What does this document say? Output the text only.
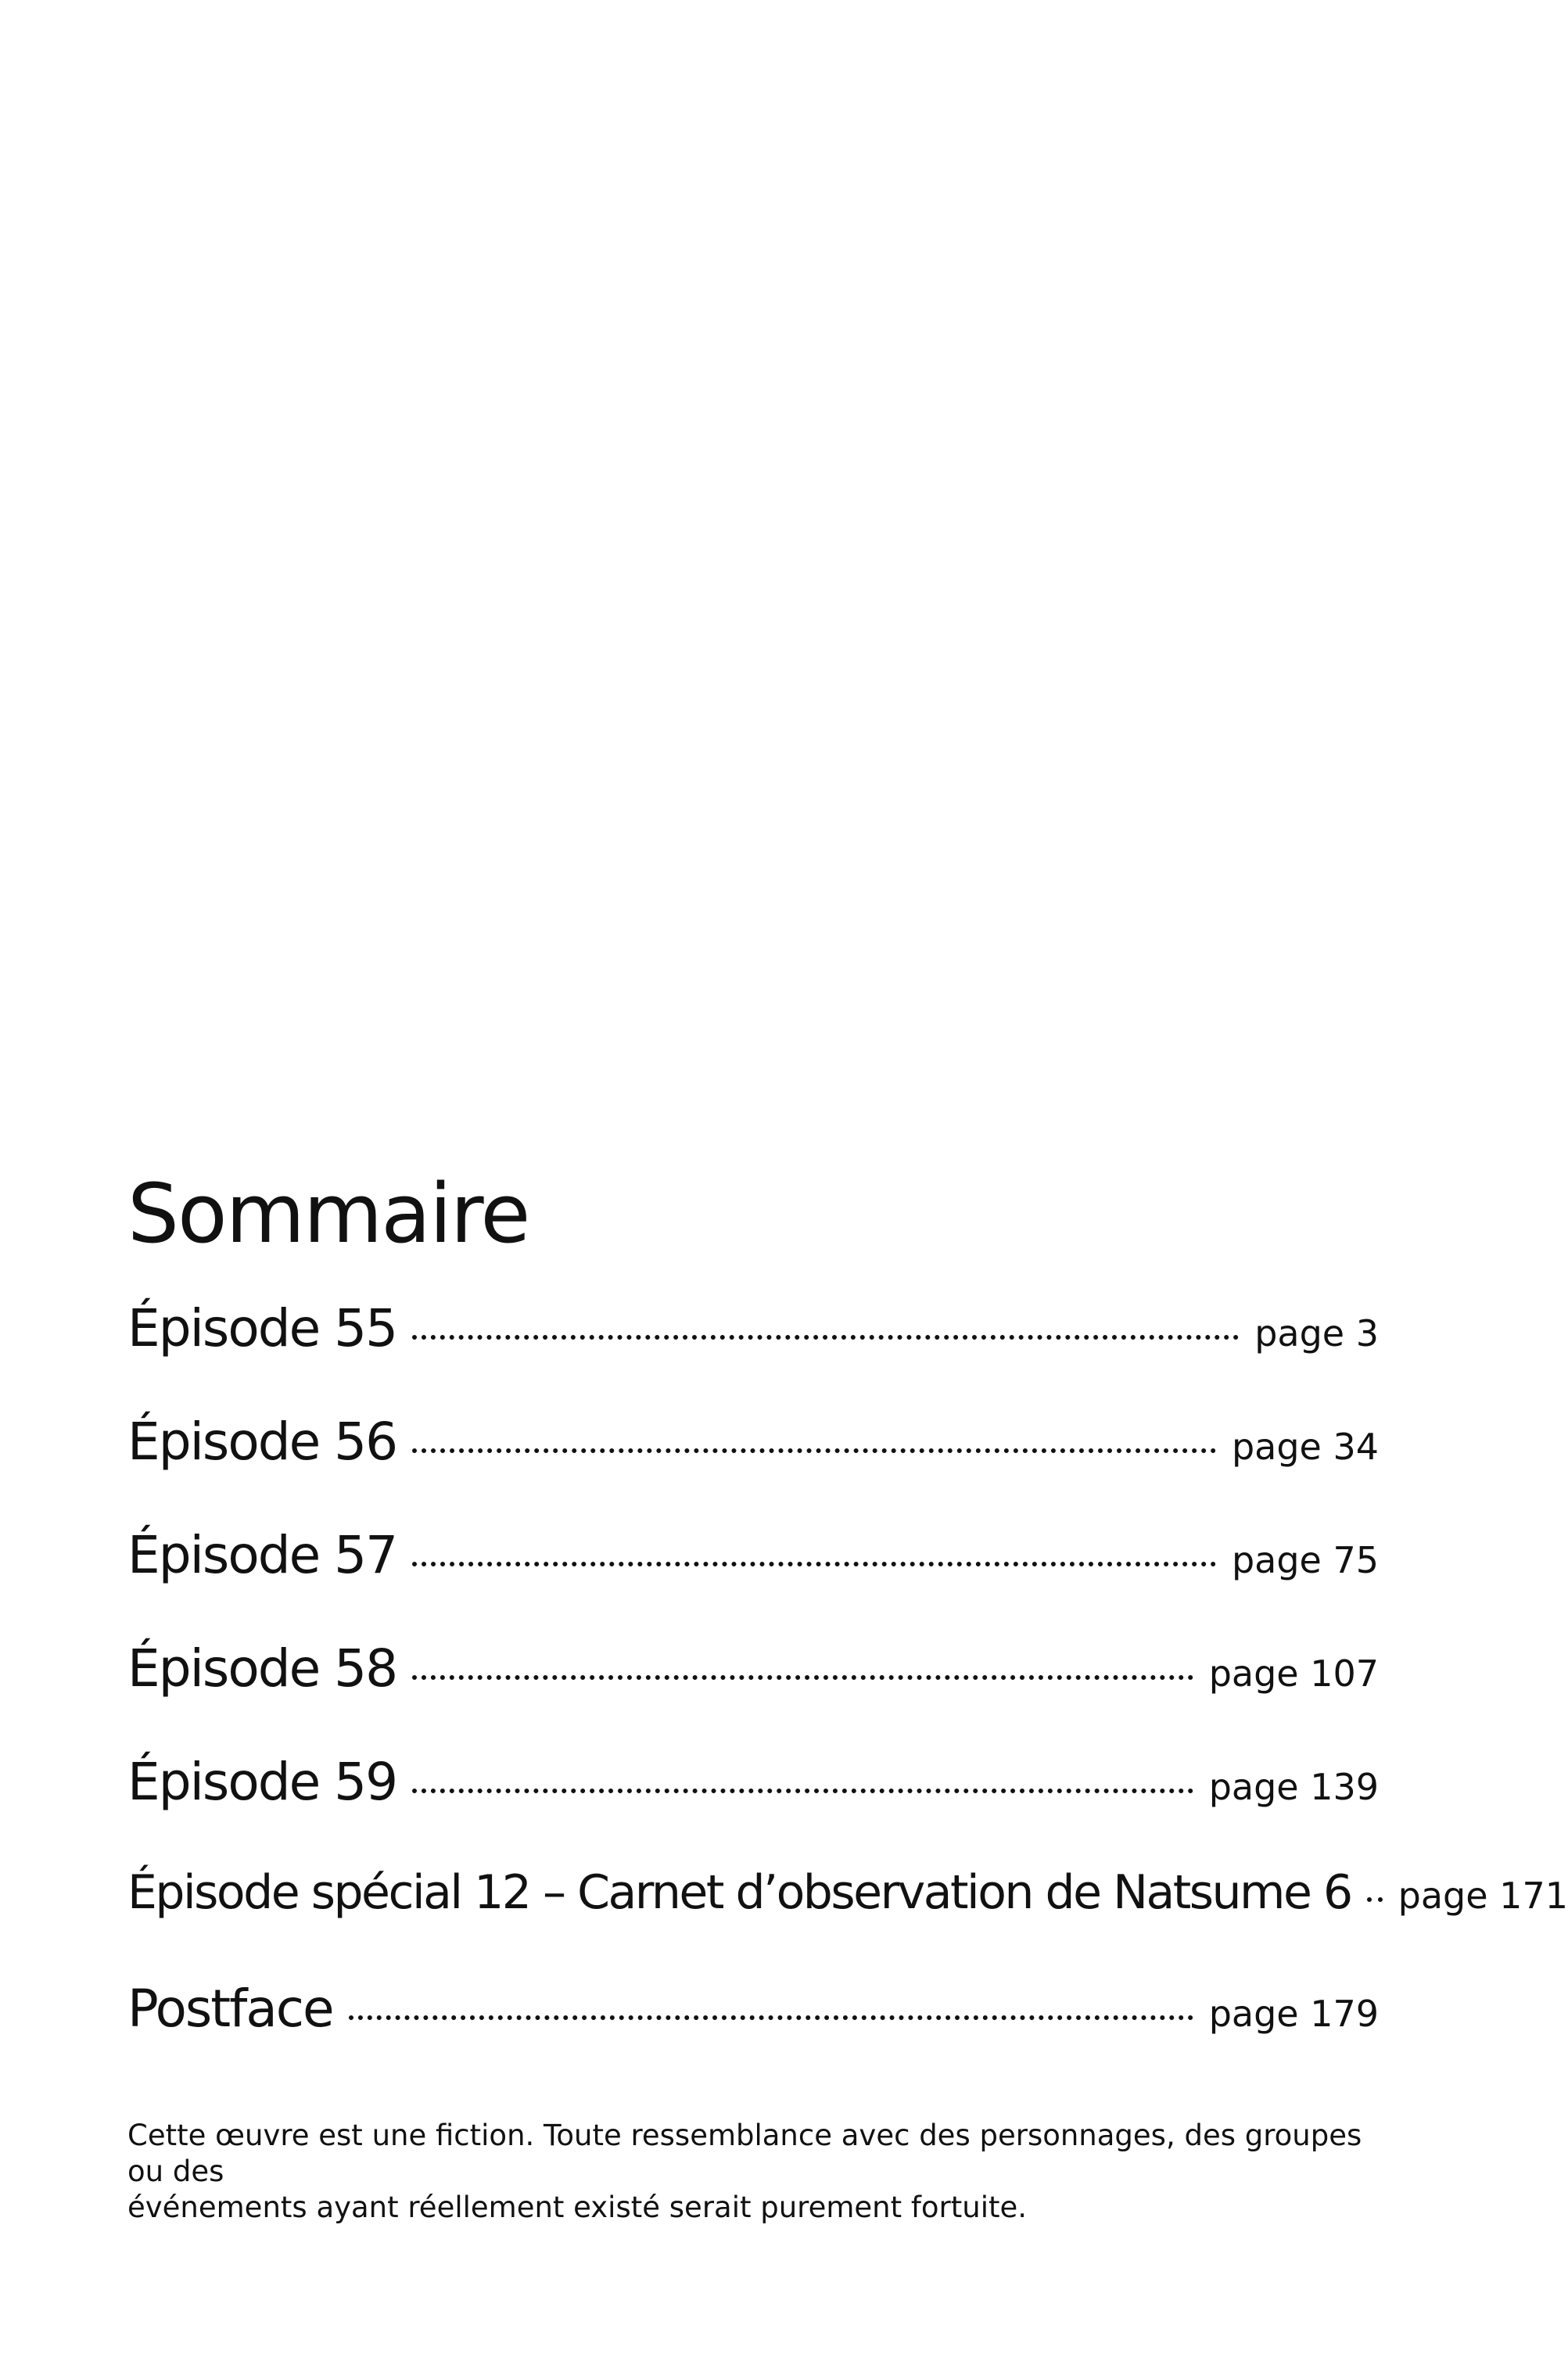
Sommaire
Épisode 55	page 3
Épisode 56	page 34
Épisode 57	page 75
Épisode 58	page 107
Épisode 59	page 139
Épisode spécial 12 – Carnet d’observation de Natsume 6 page 171
Postface	page 179

Cette œuvre est une fiction. Toute ressemblance avec des personnages, des groupes ou des
événements ayant réellement existé serait purement fortuite.
